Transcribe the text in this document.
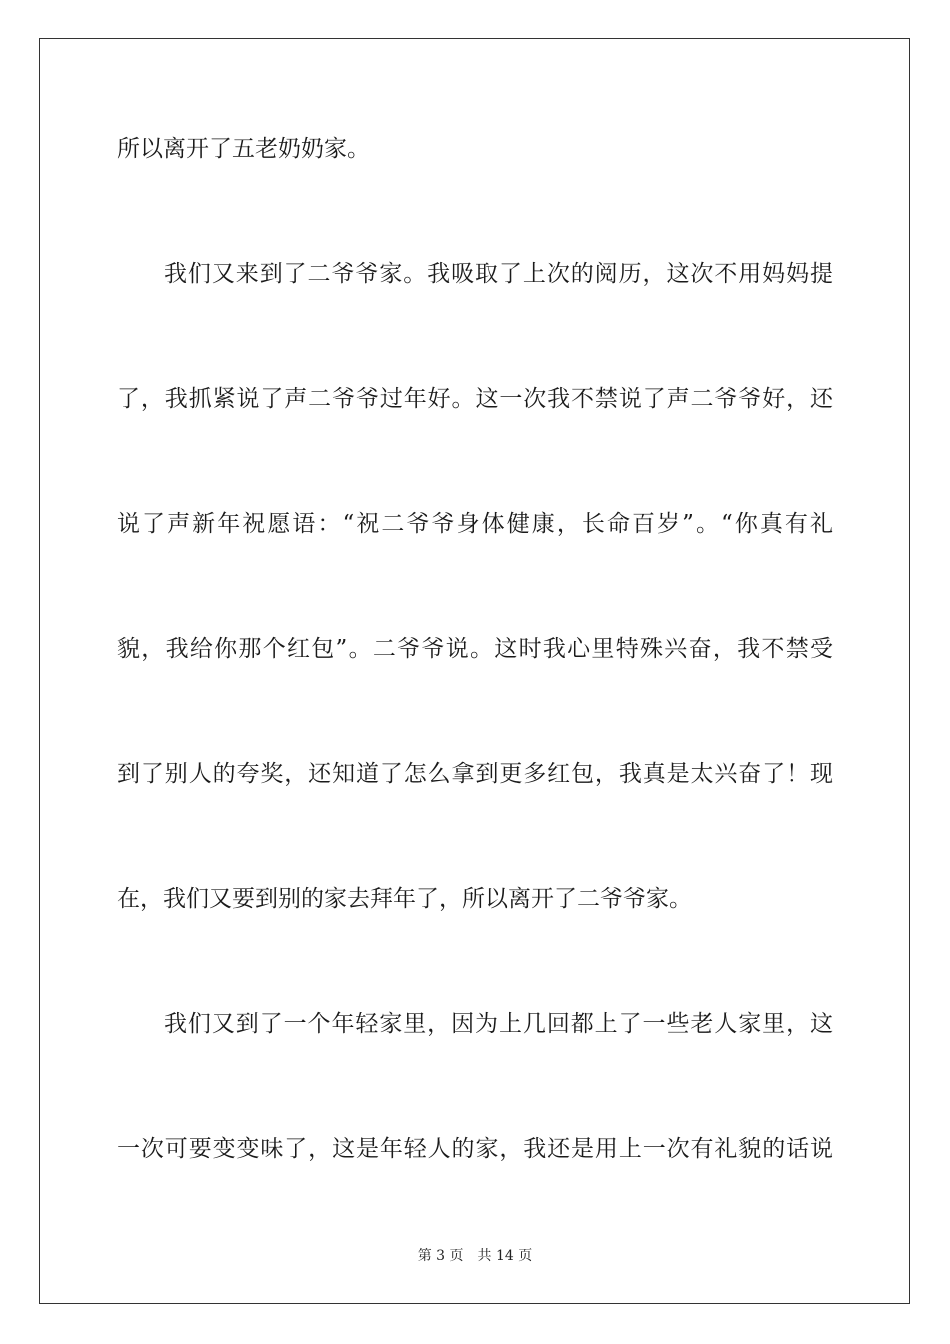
所以离开了五老奶奶家。
我们又来到了二爷爷家。我吸取了上次的阅历，这次不用妈妈提
了，我抓紧说了声二爷爷过年好。这一次我不禁说了声二爷爷好，还
说了声新年祝愿语：“祝二爷爷身体健康，长命百岁”。“你真有礼
貌，我给你那个红包”。二爷爷说。这时我心里特殊兴奋，我不禁受
到了别人的夸奖，还知道了怎么拿到更多红包，我真是太兴奋了！现
在，我们又要到别的家去拜年了，所以离开了二爷爷家。
我们又到了一个年轻家里，因为上几回都上了一些老人家里，这
一次可要变变味了，这是年轻人的家，我还是用上一次有礼貌的话说
第 3 页 共 14 页
